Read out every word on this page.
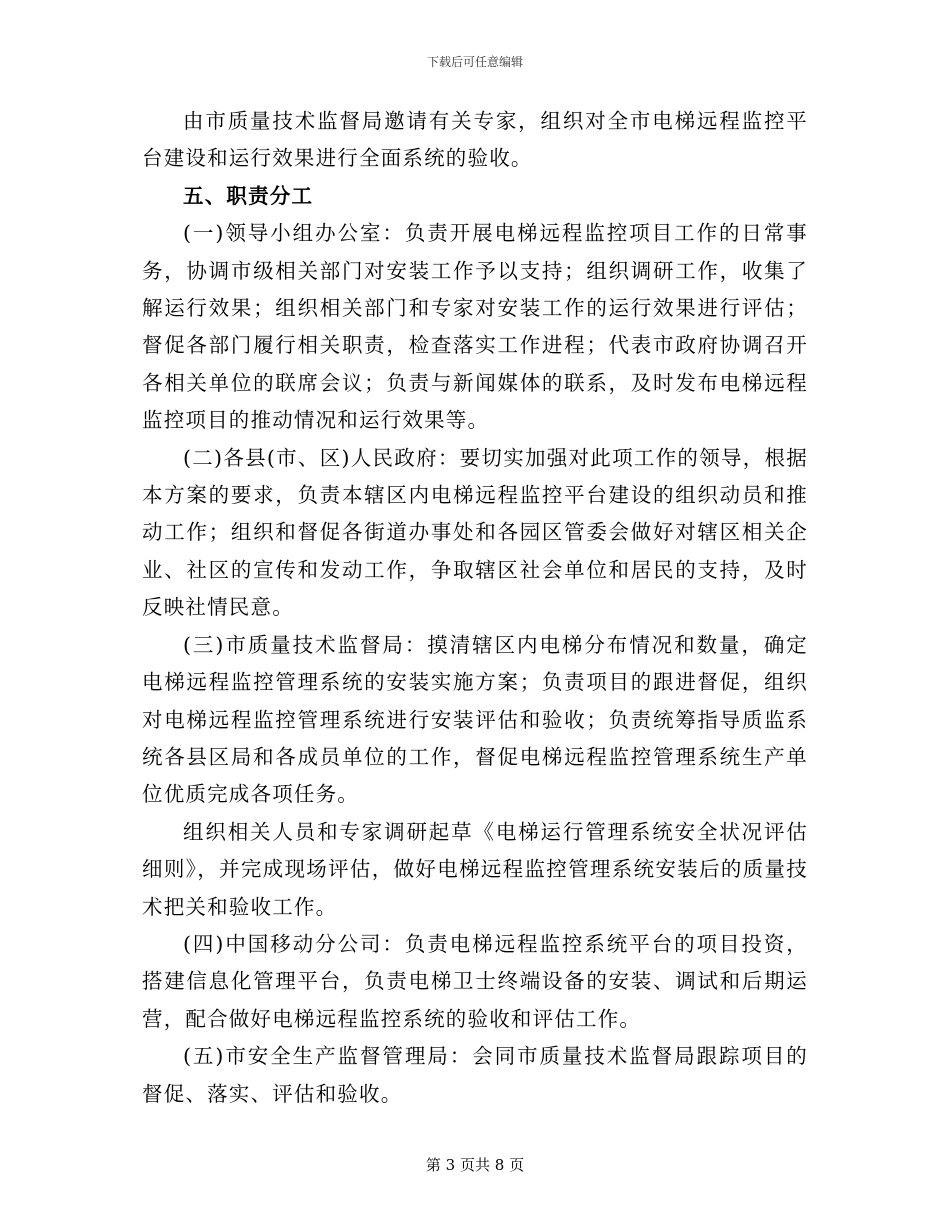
下载后可任意编辑

由市质量技术监督局邀请有关专家，组织对全市电梯远程监控平台建设和运行效果进行全面系统的验收。

五、职责分工

(一)领导小组办公室：负责开展电梯远程监控项目工作的日常事务，协调市级相关部门对安装工作予以支持；组织调研工作，收集了解运行效果；组织相关部门和专家对安装工作的运行效果进行评估；督促各部门履行相关职责，检查落实工作进程；代表市政府协调召开各相关单位的联席会议；负责与新闻媒体的联系，及时发布电梯远程监控项目的推动情况和运行效果等。

(二)各县(市、区)人民政府：要切实加强对此项工作的领导，根据本方案的要求，负责本辖区内电梯远程监控平台建设的组织动员和推动工作；组织和督促各街道办事处和各园区管委会做好对辖区相关企业、社区的宣传和发动工作，争取辖区社会单位和居民的支持，及时反映社情民意。

(三)市质量技术监督局：摸清辖区内电梯分布情况和数量，确定电梯远程监控管理系统的安装实施方案；负责项目的跟进督促，组织对电梯远程监控管理系统进行安装评估和验收；负责统筹指导质监系统各县区局和各成员单位的工作，督促电梯远程监控管理系统生产单位优质完成各项任务。

组织相关人员和专家调研起草《电梯运行管理系统安全状况评估细则》，并完成现场评估，做好电梯远程监控管理系统安装后的质量技术把关和验收工作。

(四)中国移动分公司：负责电梯远程监控系统平台的项目投资，搭建信息化管理平台，负责电梯卫士终端设备的安装、调试和后期运营，配合做好电梯远程监控系统的验收和评估工作。

(五)市安全生产监督管理局：会同市质量技术监督局跟踪项目的督促、落实、评估和验收。

第 3 页共 8 页
